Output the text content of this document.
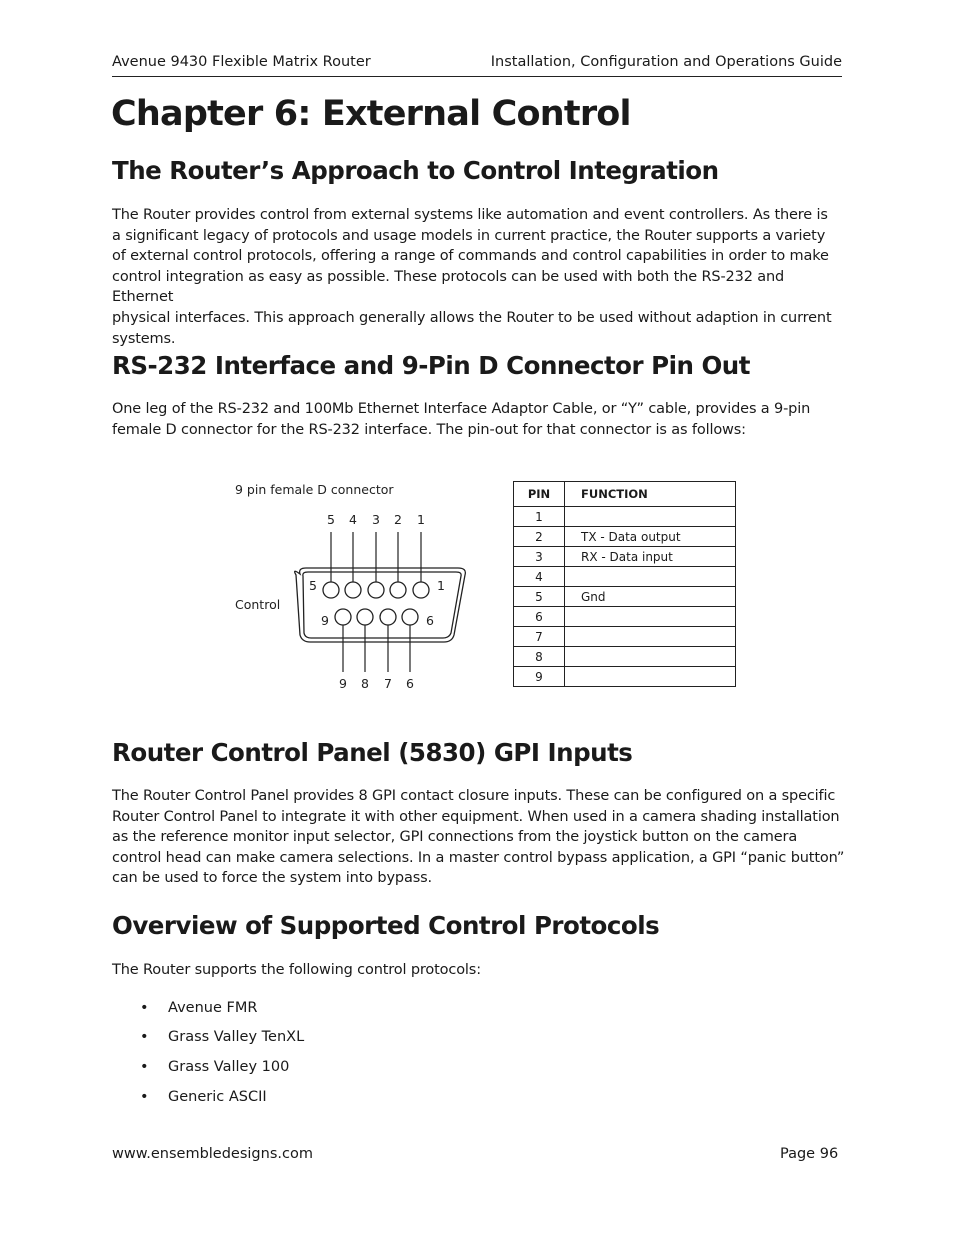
Avenue 9430 Flexible Matrix Router	Installation, Configuration and Operations Guide
Chapter 6: External Control
The Router’s Approach to Control Integration

The Router provides control from external systems like automation and event controllers. As there is
a significant legacy of protocols and usage models in current practice, the Router supports a variety
of external control protocols, offering a range of commands and control capabilities in order to make
control integration as easy as possible. These protocols can be used with both the RS-232 and Ethernet
physical interfaces. This approach generally allows the Router to be used without adaption in current
systems.

RS-232 Interface and 9-Pin D Connector Pin Out

One leg of the RS-232 and 100Mb Ethernet Interface Adaptor Cable, or “Y” cable, provides a 9-pin
female D connector for the RS-232 interface. The pin-out for that connector is as follows:

9 pin female D connector
5 4 3 2 1
5	1
9	6
Control
9 8 7 6
PIN	FUNCTION
1	
2	TX - Data output
3	RX - Data input
4	
5	Gnd
6	
7	
8	
9	
Router Control Panel (5830) GPI Inputs

The Router Control Panel provides 8 GPI contact closure inputs. These can be configured on a specific
Router Control Panel to integrate it with other equipment. When used in a camera shading installation
as the reference monitor input selector, GPI connections from the joystick button on the camera
control head can make camera selections. In a master control bypass application, a GPI “panic button”
can be used to force the system into bypass.

Overview of Supported Control Protocols

The Router supports the following control protocols:

• Avenue FMR
• Grass Valley TenXL
• Grass Valley 100
• Generic ASCII
www.ensembledesigns.com	Page 96
